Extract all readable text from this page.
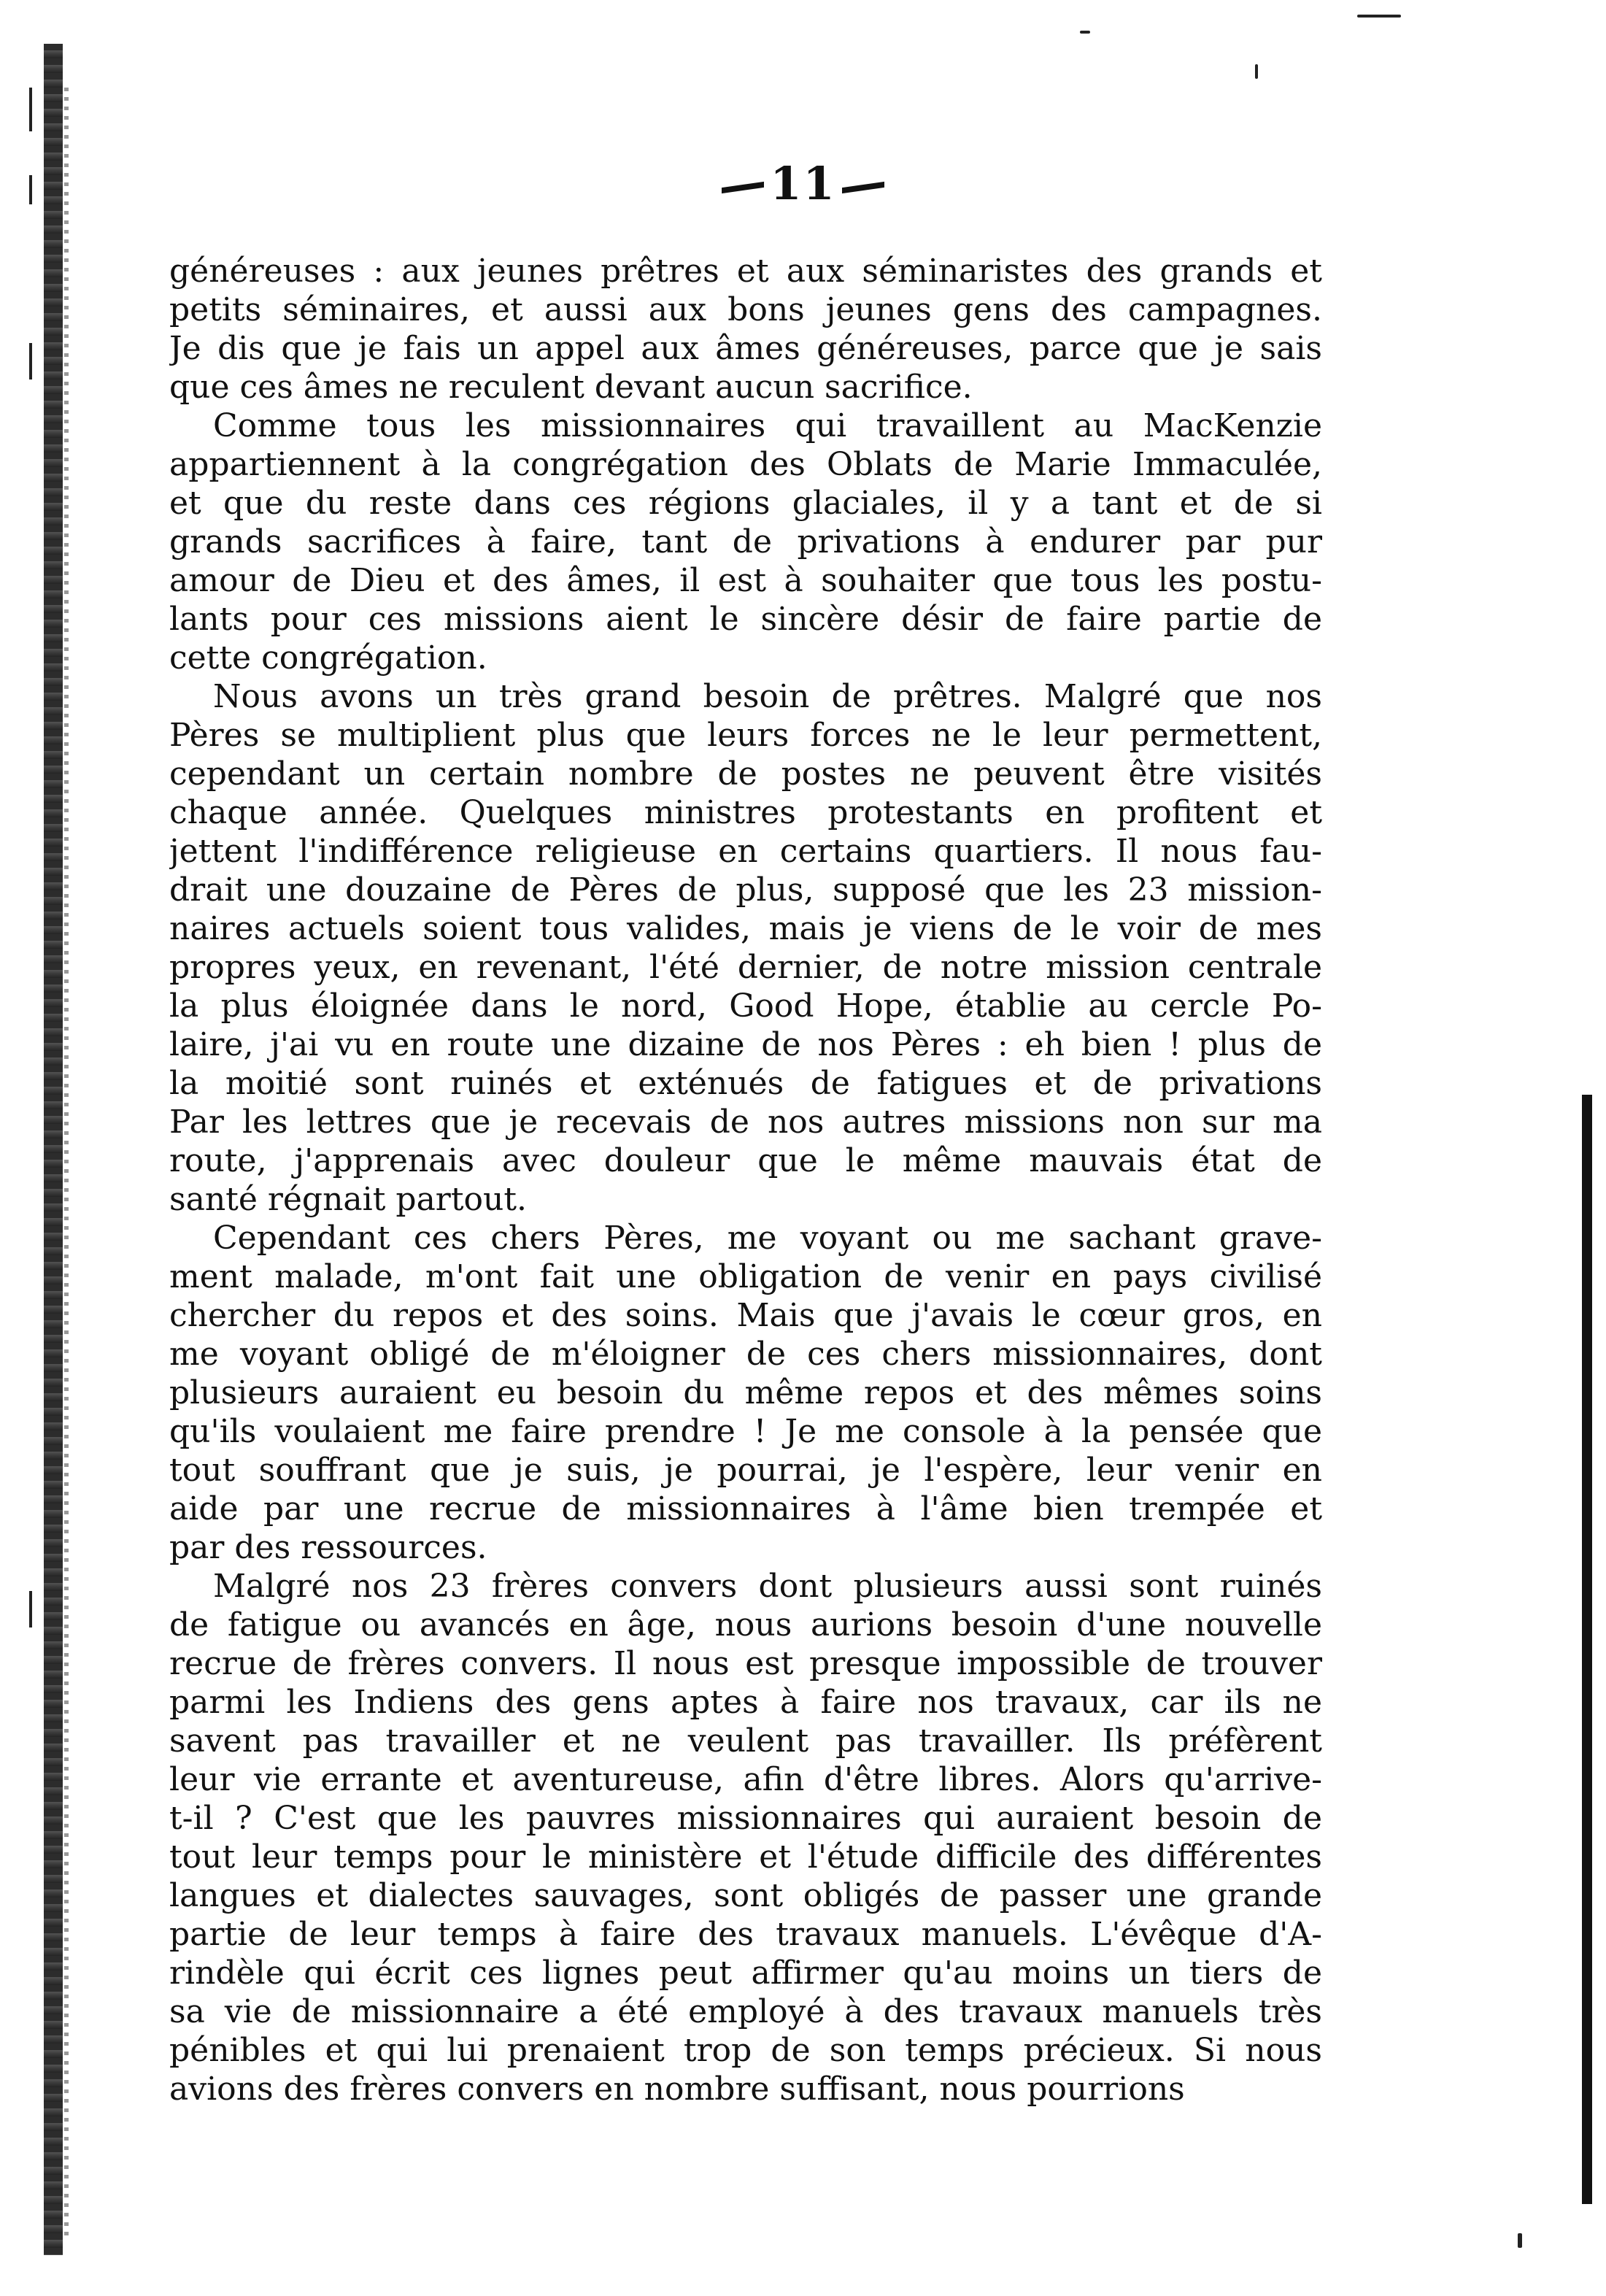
11
généreuses : aux jeunes prêtres et aux séminaristes des grands et
petits séminaires, et aussi aux bons jeunes gens des campagnes.
Je dis que je fais un appel aux âmes généreuses, parce que je sais
que ces âmes ne reculent devant aucun sacrifice.
Comme tous les missionnaires qui travaillent au MacKenzie
appartiennent à la congrégation des Oblats de Marie Immaculée,
et que du reste dans ces régions glaciales, il y a tant et de si
grands sacrifices à faire, tant de privations à endurer par pur
amour de Dieu et des âmes, il est à souhaiter que tous les postu-
lants pour ces missions aient le sincère désir de faire partie de
cette congrégation.
Nous avons un très grand besoin de prêtres. Malgré que nos
Pères se multiplient plus que leurs forces ne le leur permettent,
cependant un certain nombre de postes ne peuvent être visités
chaque année. Quelques ministres protestants en profitent et
jettent l'indifférence religieuse en certains quartiers. Il nous fau-
drait une douzaine de Pères de plus, supposé que les 23 mission-
naires actuels soient tous valides, mais je viens de le voir de mes
propres yeux, en revenant, l'été dernier, de notre mission centrale
la plus éloignée dans le nord, Good Hope, établie au cercle Po-
laire, j'ai vu en route une dizaine de nos Pères : eh bien ! plus de
la moitié sont ruinés et exténués de fatigues et de privations
Par les lettres que je recevais de nos autres missions non sur ma
route, j'apprenais avec douleur que le même mauvais état de
santé régnait partout.
Cependant ces chers Pères, me voyant ou me sachant grave-
ment malade, m'ont fait une obligation de venir en pays civilisé
chercher du repos et des soins. Mais que j'avais le cœur gros, en
me voyant obligé de m'éloigner de ces chers missionnaires, dont
plusieurs auraient eu besoin du même repos et des mêmes soins
qu'ils voulaient me faire prendre ! Je me console à la pensée que
tout souffrant que je suis, je pourrai, je l'espère, leur venir en
aide par une recrue de missionnaires à l'âme bien trempée et
par des ressources.
Malgré nos 23 frères convers dont plusieurs aussi sont ruinés
de fatigue ou avancés en âge, nous aurions besoin d'une nouvelle
recrue de frères convers. Il nous est presque impossible de trouver
parmi les Indiens des gens aptes à faire nos travaux, car ils ne
savent pas travailler et ne veulent pas travailler. Ils préfèrent
leur vie errante et aventureuse, afin d'être libres. Alors qu'arrive-
t-il ? C'est que les pauvres missionnaires qui auraient besoin de
tout leur temps pour le ministère et l'étude difficile des différentes
langues et dialectes sauvages, sont obligés de passer une grande
partie de leur temps à faire des travaux manuels. L'évêque d'A-
rindèle qui écrit ces lignes peut affirmer qu'au moins un tiers de
sa vie de missionnaire a été employé à des travaux manuels très
pénibles et qui lui prenaient trop de son temps précieux. Si nous
avions des frères convers en nombre suffisant, nous pourrions
